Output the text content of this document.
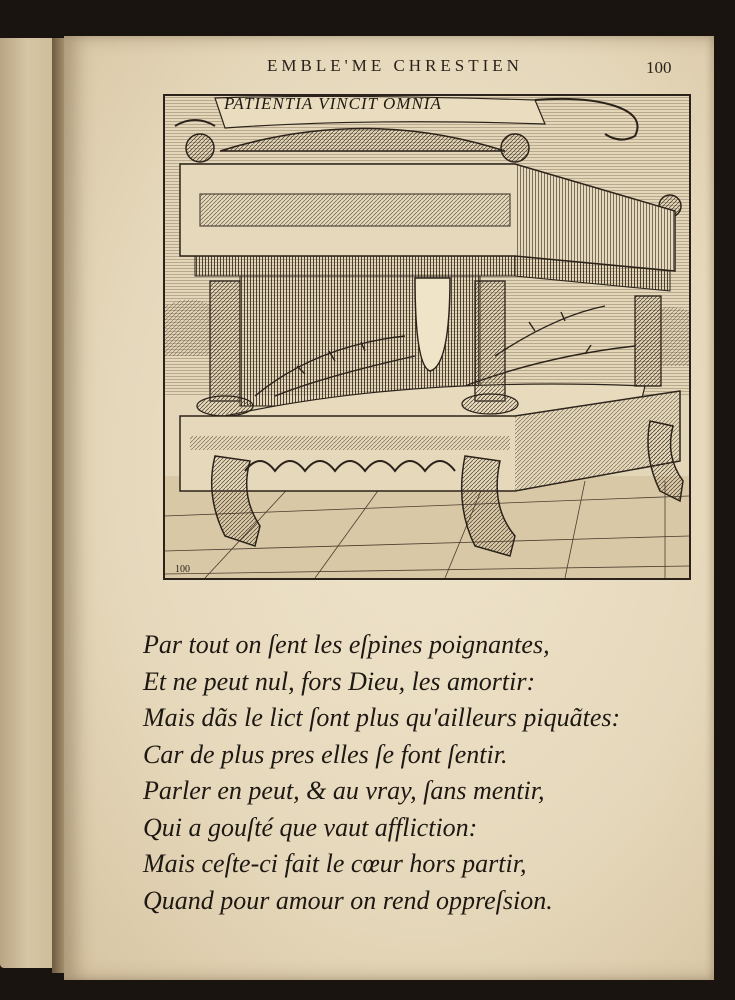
EMBLE'ME CHRESTIEN	100
PATIENTIA VINCIT OMNIA
100
Par tout on ſent les eſpines poignantes,
Et ne peut nul, fors Dieu, les amortir:
Mais dãs le lict ſont plus qu'ailleurs piquãtes:
Car de plus pres elles ſe font ſentir.
Parler en peut, & au vray, ſans mentir,
Qui a gouſté que vaut affliction:
Mais ceſte-ci fait le cœur hors partir,
Quand pour amour on rend oppreſsion.
